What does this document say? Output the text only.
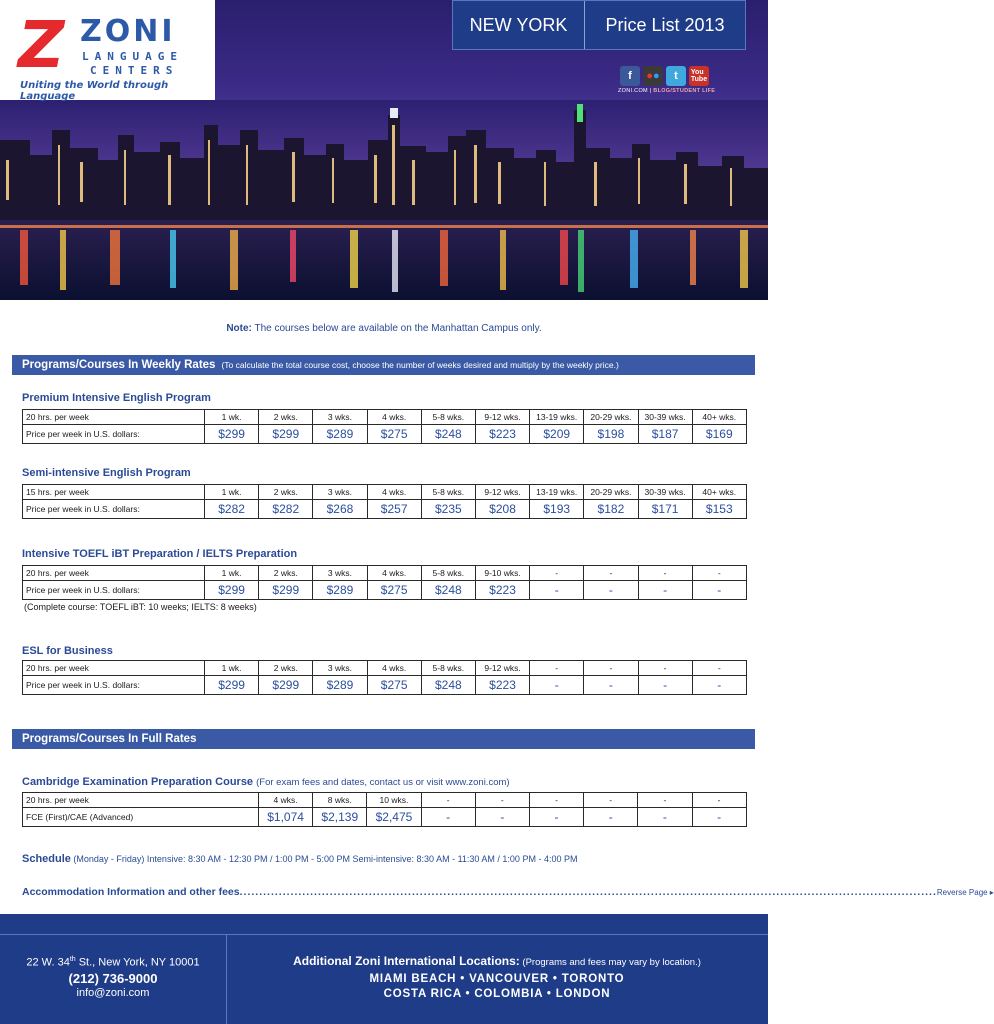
Z ZONI
LANGUAGE
CENTERS
Uniting the World through Language
NEW YORK	Price List 2013
f	● ●	t	You
Tube
ZONI.COM | BLOG/STUDENT LIFE
Note: The courses below are available on the Manhattan Campus only.
Programs/Courses In Weekly Rates (To calculate the total course cost, choose the number of weeks desired and multiply by the weekly price.)
Premium Intensive English Program
20 hrs. per week	1 wk.	2 wks.	3 wks.	4 wks.	5-8 wks.	9-12 wks.	13-19 wks.	20-29 wks.	30-39 wks.	40+ wks.
Price per week in U.S. dollars:	$299	$299	$289	$275	$248	$223	$209	$198	$187	$169
Semi-intensive English Program
15 hrs. per week	1 wk.	2 wks.	3 wks.	4 wks.	5-8 wks.	9-12 wks.	13-19 wks.	20-29 wks.	30-39 wks.	40+ wks.
Price per week in U.S. dollars:	$282	$282	$268	$257	$235	$208	$193	$182	$171	$153
Intensive TOEFL iBT Preparation / IELTS Preparation
20 hrs. per week	1 wk.	2 wks.	3 wks.	4 wks.	5-8 wks.	9-10 wks.	-	-	-	-
Price per week in U.S. dollars:	$299	$299	$289	$275	$248	$223	-	-	-	-
(Complete course: TOEFL iBT: 10 weeks; IELTS: 8 weeks)
ESL for Business
20 hrs. per week	1 wk.	2 wks.	3 wks.	4 wks.	5-8 wks.	9-12 wks.	-	-	-	-
Price per week in U.S. dollars:	$299	$299	$289	$275	$248	$223	-	-	-	-
Programs/Courses In Full Rates
Cambridge Examination Preparation Course (For exam fees and dates, contact us or visit www.zoni.com)
20 hrs. per week	4 wks.	8 wks.	10 wks.	-	-	-	-	-	-
FCE (First)/CAE (Advanced)	$1,074	$2,139	$2,475	-	-	-	-	-	-
Schedule (Monday - Friday) Intensive: 8:30 AM - 12:30 PM / 1:00 PM - 5:00 PM Semi-intensive: 8:30 AM - 11:30 AM / 1:00 PM - 4:00 PM
Accommodation Information and other fees .................................................................................................................................................................................. Reverse Page ▸
22 W. 34th St., New York, NY 10001
(212) 736-9000
info@zoni.com
Additional Zoni International Locations: (Programs and fees may vary by location.)
MIAMI BEACH • VANCOUVER • TORONTO
COSTA RICA • COLOMBIA • LONDON
